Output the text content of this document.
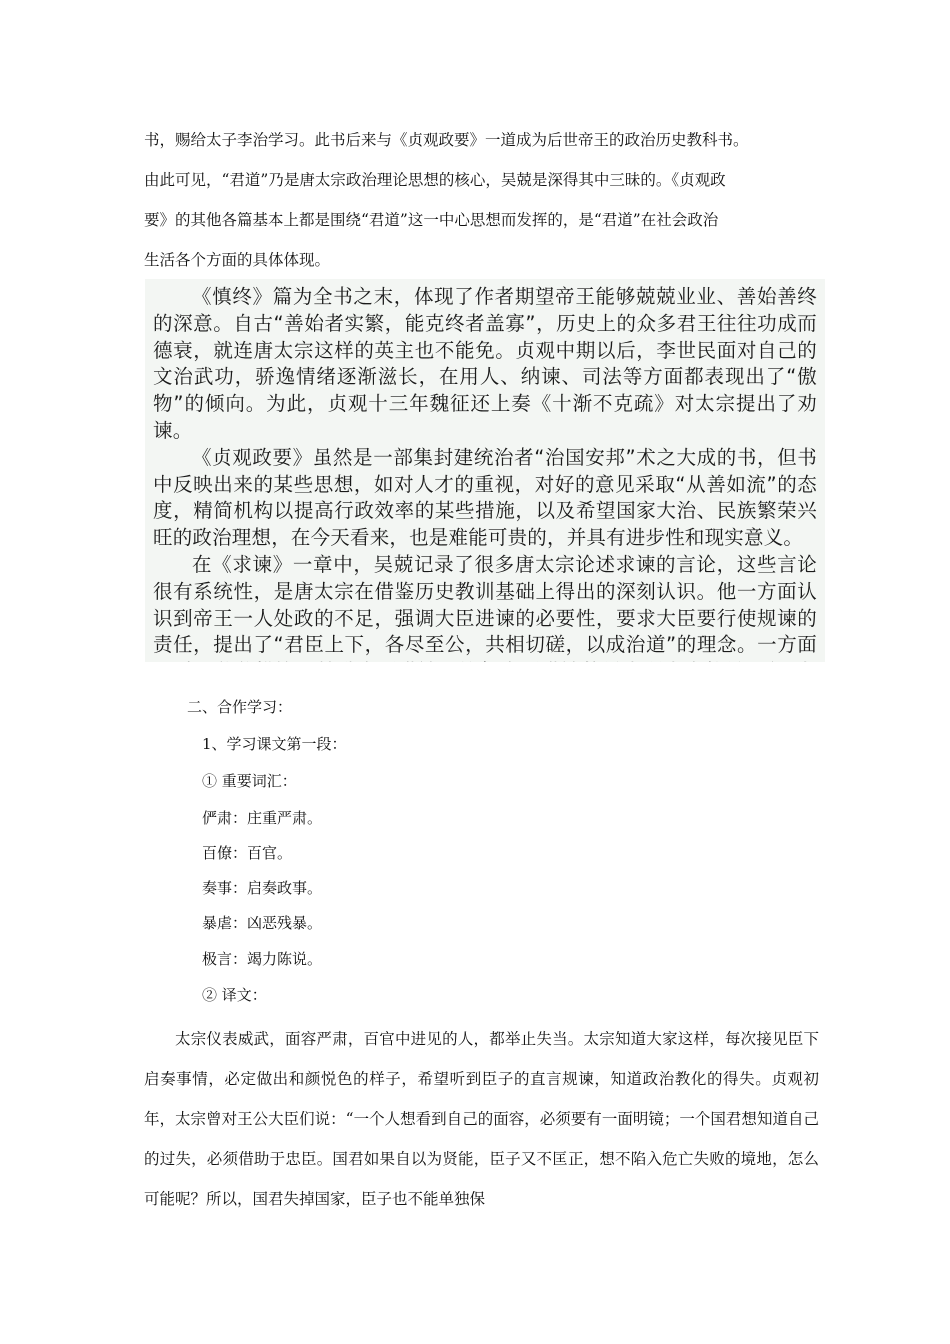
书，赐给太子李治学习。此书后来与《贞观政要》一道成为后世帝王的政治历史教科书。

由此可见，“君道”乃是唐太宗政治理论思想的核心，吴兢是深得其中三昧的。《贞观政

要》的其他各篇基本上都是围绕“君道”这一中心思想而发挥的，是“君道”在社会政治

生活各个方面的具体体现。

《慎终》篇为全书之末，体现了作者期望帝王能够兢兢业业、善始善终的深意。自古“善始者实繁，能克终者盖寡”，历史上的众多君王往往功成而德衰，就连唐太宗这样的英主也不能免。贞观中期以后，李世民面对自己的文治武功，骄逸情绪逐渐滋长，在用人、纳谏、司法等方面都表现出了“傲物”的倾向。为此，贞观十三年魏征还上奏《十渐不克疏》对太宗提出了劝谏。

《贞观政要》虽然是一部集封建统治者“治国安邦”术之大成的书，但书中反映出来的某些思想，如对人才的重视，对好的意见采取“从善如流”的态度，精简机构以提高行政效率的某些措施，以及希望国家大治、民族繁荣兴旺的政治理想，在今天看来，也是难能可贵的，并具有进步性和现实意义。

在《求谏》一章中，吴兢记录了很多唐太宗论述求谏的言论，这些言论很有系统性，是唐太宗在借鉴历史教训基础上得出的深刻认识。他一方面认识到帝王一人处政的不足，强调大臣进谏的必要性，要求大臣要行使规谏的责任，提出了“君臣上下，各尽至公，共相切磋，以成治道”的理念。一方面

二、合作学习：
1、学习课文第一段：
① 重要词汇：
俨肃：庄重严肃。
百僚：百官。
奏事：启奏政事。
暴虐：凶恶残暴。
极言：竭力陈说。
② 译文：

太宗仪表威武，面容严肃，百官中进见的人，都举止失当。太宗知道大家这样，每次接见臣下启奏事情，必定做出和颜悦色的样子，希望听到臣子的直言规谏，知道政治教化的得失。贞观初年，太宗曾对王公大臣们说：“一个人想看到自己的面容，必须要有一面明镜；一个国君想知道自己的过失，必须借助于忠臣。国君如果自以为贤能，臣子又不匡正，想不陷入危亡失败的境地，怎么可能呢？所以，国君失掉国家，臣子也不能单独保
